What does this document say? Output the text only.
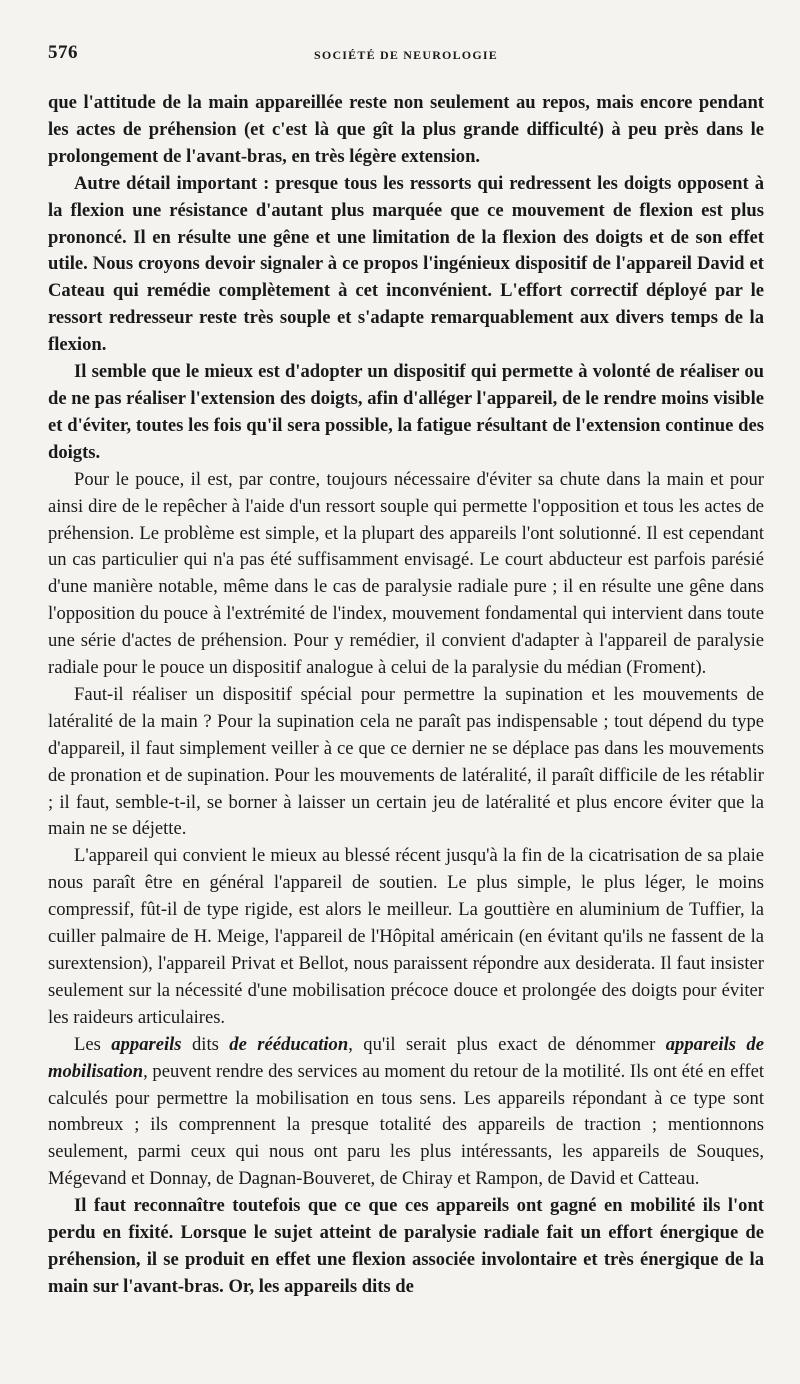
576	SOCIÉTÉ DE NEUROLOGIE

que l'attitude de la main appareillée reste non seulement au repos, mais encore pendant les actes de préhension (et c'est là que gît la plus grande difficulté) à peu près dans le prolongement de l'avant-bras, en très légère extension.

Autre détail important : presque tous les ressorts qui redressent les doigts opposent à la flexion une résistance d'autant plus marquée que ce mouvement de flexion est plus prononcé. Il en résulte une gêne et une limitation de la flexion des doigts et de son effet utile. Nous croyons devoir signaler à ce propos l'ingénieux dispositif de l'appareil David et Cateau qui remédie complètement à cet inconvénient. L'effort correctif déployé par le ressort redresseur reste très souple et s'adapte remarquablement aux divers temps de la flexion.

Il semble que le mieux est d'adopter un dispositif qui permette à volonté de réaliser ou de ne pas réaliser l'extension des doigts, afin d'alléger l'appareil, de le rendre moins visible et d'éviter, toutes les fois qu'il sera possible, la fatigue résultant de l'extension continue des doigts.

Pour le pouce, il est, par contre, toujours nécessaire d'éviter sa chute dans la main et pour ainsi dire de le repêcher à l'aide d'un ressort souple qui permette l'opposition et tous les actes de préhension. Le problème est simple, et la plupart des appareils l'ont solutionné. Il est cependant un cas particulier qui n'a pas été suffisamment envisagé. Le court abducteur est parfois parésié d'une manière notable, même dans le cas de paralysie radiale pure ; il en résulte une gêne dans l'opposition du pouce à l'extrémité de l'index, mouvement fondamental qui intervient dans toute une série d'actes de préhension. Pour y remédier, il convient d'adapter à l'appareil de paralysie radiale pour le pouce un dispositif analogue à celui de la paralysie du médian (Froment).

Faut-il réaliser un dispositif spécial pour permettre la supination et les mouvements de latéralité de la main ? Pour la supination cela ne paraît pas indispensable ; tout dépend du type d'appareil, il faut simplement veiller à ce que ce dernier ne se déplace pas dans les mouvements de pronation et de supination. Pour les mouvements de latéralité, il paraît difficile de les rétablir ; il faut, semble-t-il, se borner à laisser un certain jeu de latéralité et plus encore éviter que la main ne se déjette.

L'appareil qui convient le mieux au blessé récent jusqu'à la fin de la cicatrisation de sa plaie nous paraît être en général l'appareil de soutien. Le plus simple, le plus léger, le moins compressif, fût-il de type rigide, est alors le meilleur. La gouttière en aluminium de Tuffier, la cuiller palmaire de H. Meige, l'appareil de l'Hôpital américain (en évitant qu'ils ne fassent de la surextension), l'appareil Privat et Bellot, nous paraissent répondre aux desiderata. Il faut insister seulement sur la nécessité d'une mobilisation précoce douce et prolongée des doigts pour éviter les raideurs articulaires.

Les appareils dits de rééducation, qu'il serait plus exact de dénommer appareils de mobilisation, peuvent rendre des services au moment du retour de la motilité. Ils ont été en effet calculés pour permettre la mobilisation en tous sens. Les appareils répondant à ce type sont nombreux ; ils comprennent la presque totalité des appareils de traction ; mentionnons seulement, parmi ceux qui nous ont paru les plus intéressants, les appareils de Souques, Mégevand et Donnay, de Dagnan-Bouveret, de Chiray et Rampon, de David et Catteau.

Il faut reconnaître toutefois que ce que ces appareils ont gagné en mobilité ils l'ont perdu en fixité. Lorsque le sujet atteint de paralysie radiale fait un effort énergique de préhension, il se produit en effet une flexion associée involontaire et très énergique de la main sur l'avant-bras. Or, les appareils dits de
